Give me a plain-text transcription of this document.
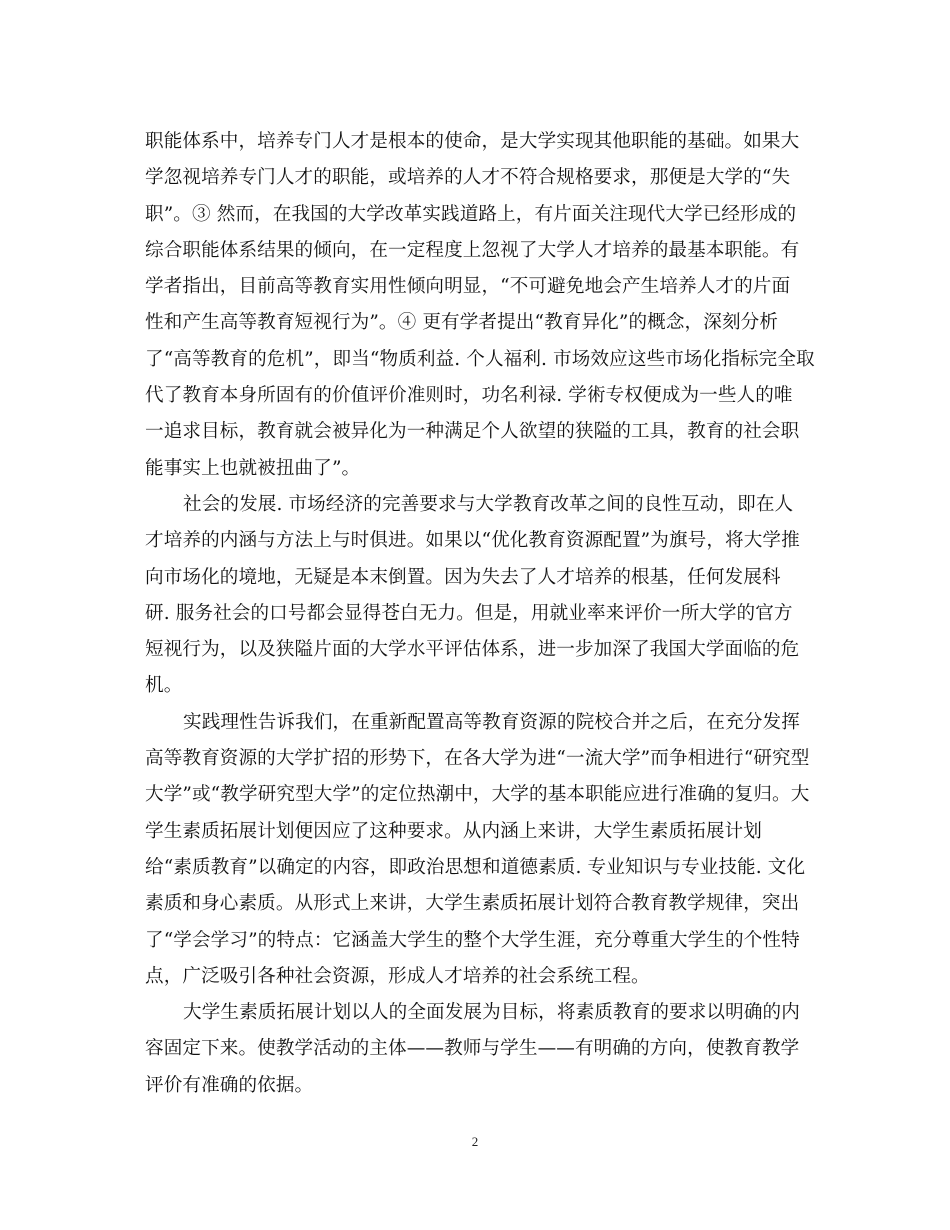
职能体系中，培养专门人才是根本的使命，是大学实现其他职能的基础。如果大
学忽视培养专门人才的职能，或培养的人才不符合规格要求，那便是大学的“失
职”。③ 然而，在我国的大学改革实践道路上，有片面关注现代大学已经形成的
综合职能体系结果的倾向，在一定程度上忽视了大学人才培养的最基本职能。有
学者指出，目前高等教育实用性倾向明显，“不可避免地会产生培养人才的片面
性和产生高等教育短视行为”。④ 更有学者提出“教育异化”的概念，深刻分析
了“高等教育的危机”，即当“物质利益. 个人福利. 市场效应这些市场化指标完全取
代了教育本身所固有的价值评价准则时，功名利禄. 学術专权便成为一些人的唯
一追求目标，教育就会被异化为一种满足个人欲望的狭隘的工具，教育的社会职
能事实上也就被扭曲了”。
社会的发展. 市场经济的完善要求与大学教育改革之间的良性互动，即在人
才培养的内涵与方法上与时俱进。如果以“优化教育资源配置”为旗号，将大学推
向市场化的境地，无疑是本末倒置。因为失去了人才培养的根基，任何发展科
研. 服务社会的口号都会显得苍白无力。但是，用就业率来评价一所大学的官方
短视行为，以及狭隘片面的大学水平评估体系，进一步加深了我国大学面临的危
机。
实践理性告诉我们，在重新配置高等教育资源的院校合并之后，在充分发挥
高等教育资源的大学扩招的形势下，在各大学为进“一流大学”而争相进行“研究型
大学”或“教学研究型大学”的定位热潮中，大学的基本职能应进行准确的复归。大
学生素质拓展计划便因应了这种要求。从内涵上来讲，大学生素质拓展计划
给“素质教育”以确定的内容，即政治思想和道德素质. 专业知识与专业技能. 文化
素质和身心素质。从形式上来讲，大学生素质拓展计划符合教育教学规律，突出
了“学会学习”的特点：它涵盖大学生的整个大学生涯，充分尊重大学生的个性特
点，广泛吸引各种社会资源，形成人才培养的社会系统工程。
大学生素质拓展计划以人的全面发展为目标，将素质教育的要求以明确的内
容固定下来。使教学活动的主体——教师与学生——有明确的方向，使教育教学
评价有准确的依据。
2
